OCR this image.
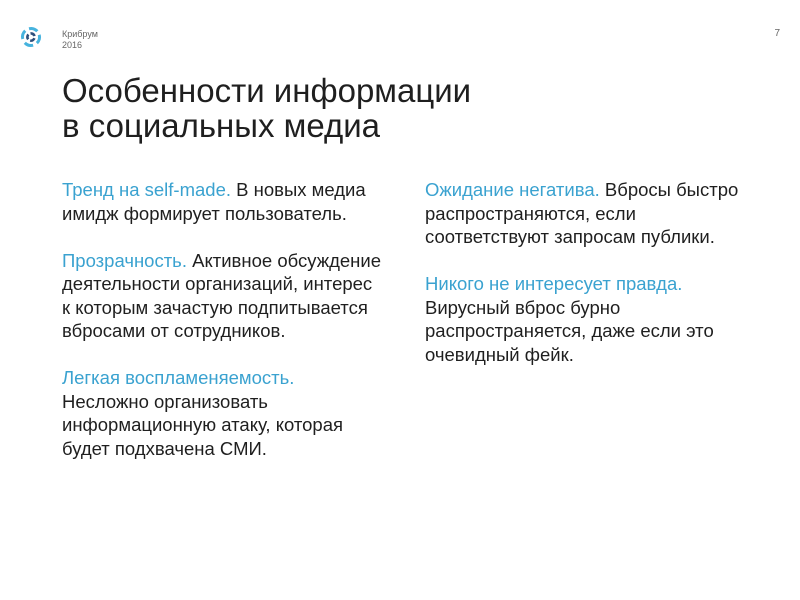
Крибрум
2016
7
Особенности информации
в социальных медиа

Тренд на self-made. В новых медиа имидж формирует пользователь.

Прозрачность. Активное обсуждение деятельности организаций, интерес к которым зачастую подпитывается вбросами от сотрудников.

Легкая воспламеняемость. Несложно организовать информационную атаку, которая будет подхвачена СМИ.

Ожидание негатива. Вбросы быстро распространяются, если соответствуют запросам публики.

Никого не интересует правда. Вирусный вброс бурно распространяется, даже если это очевидный фейк.
